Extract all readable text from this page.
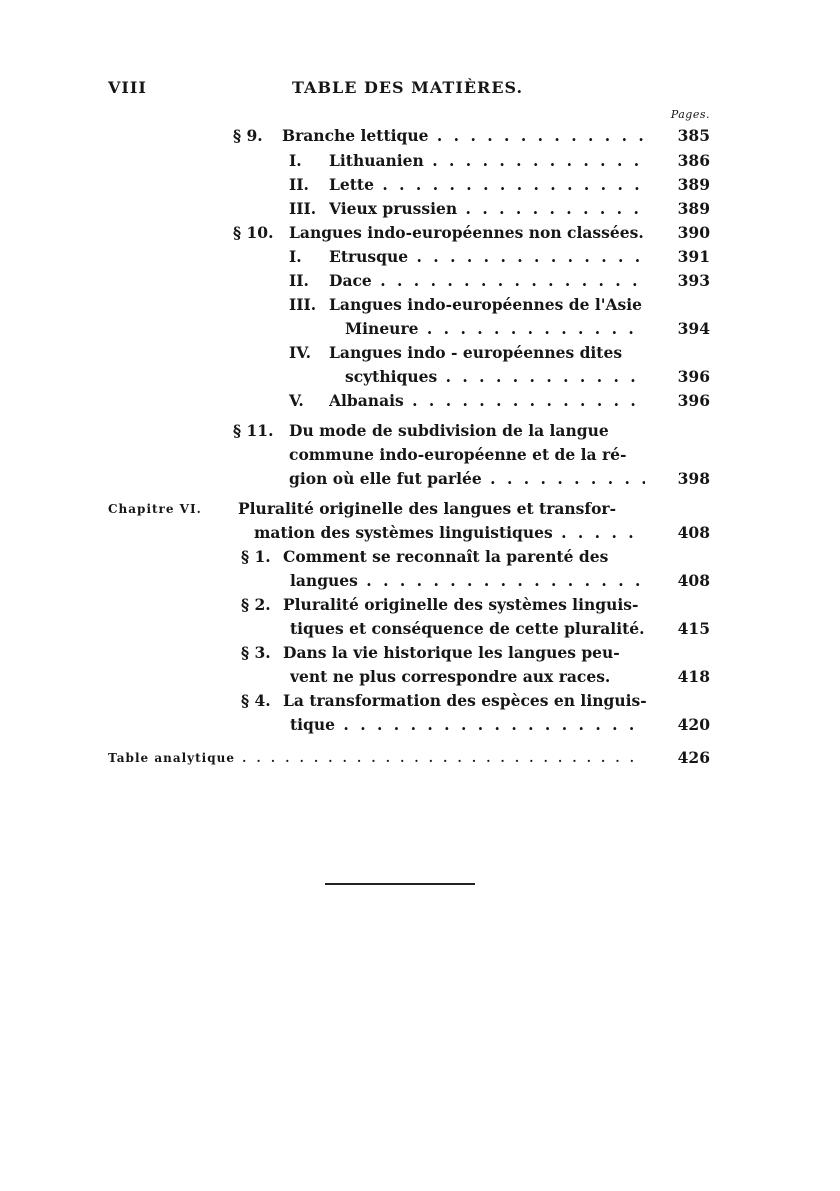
VIII	TABLE DES MATIÈRES.
Pages.
§ 9. Branche lettique . . .	385
I. Lithuanien . . .	386
II. Lette . . .	389
III. Vieux prussien . . .	389
§ 10. Langues indo-européennes non classées. 390
I. Etrusque . . .	391
II. Dace . . .	393
III. Langues indo-européennes de l'Asie
Mineure . . .	394
IV. Langues indo - européennes dites
scythiques . . .	396
V. Albanais . . .	396
§ 11. Du mode de subdivision de la langue
commune indo-européenne et de la ré-
gion où elle fut parlée . . .	398
Chapitre VI. Pluralité originelle des langues et transfor-
mation des systèmes linguistiques . . .	408
§ 1. Comment se reconnaît la parenté des
langues . . .	408
§ 2. Pluralité originelle des systèmes linguis-
tiques et conséquence de cette pluralité. 415
§ 3. Dans la vie historique les langues peu-
vent ne plus correspondre aux races.	418
§ 4. La transformation des espèces en linguis-
tique . . .	420
Table analytique . . .	426
